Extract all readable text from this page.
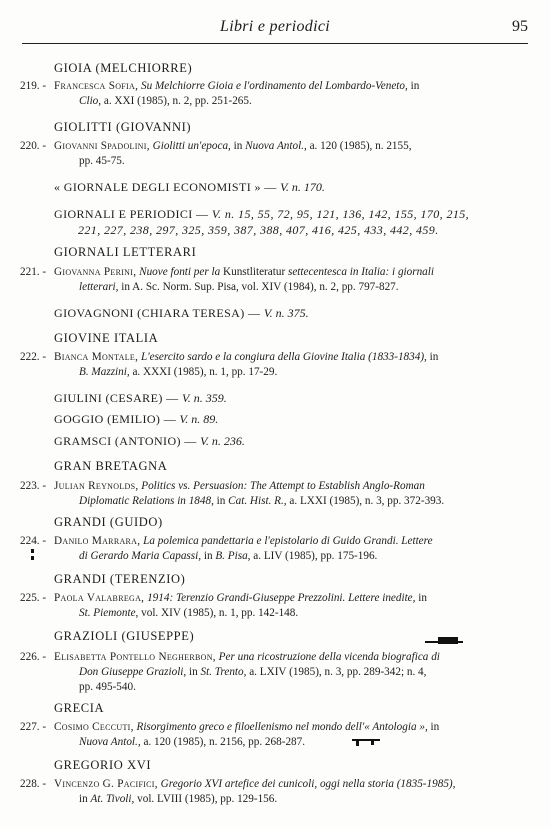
Libri e periodici	95
GIOIA (MELCHIORRE)
219. - Francesca Sofia, Su Melchiorre Gioia e l'ordinamento del Lombardo-Veneto, in
Clio, a. XXI (1985), n. 2, pp. 251-265.
GIOLITTI (GIOVANNI)
220. - Giovanni Spadolini, Giolitti un'epoca, in Nuova Antol., a. 120 (1985), n. 2155,
pp. 45-75.
« GIORNALE DEGLI ECONOMISTI » — V. n. 170.
GIORNALI E PERIODICI — V. n. 15, 55, 72, 95, 121, 136, 142, 155, 170, 215,
221, 227, 238, 297, 325, 359, 387, 388, 407, 416, 425, 433, 442, 459.
GIORNALI LETTERARI
221. - Giovanna Perini, Nuove fonti per la Kunstliteratur settecentesca in Italia: i giornali
letterari, in A. Sc. Norm. Sup. Pisa, vol. XIV (1984), n. 2, pp. 797-827.
GIOVAGNONI (CHIARA TERESA) — V. n. 375.
GIOVINE ITALIA
222. - Bianca Montale, L'esercito sardo e la congiura della Giovine Italia (1833-1834), in
B. Mazzini, a. XXXI (1985), n. 1, pp. 17-29.
GIULINI (CESARE) — V. n. 359.
GOGGIO (EMILIO) — V. n. 89.
GRAMSCI (ANTONIO) — V. n. 236.
GRAN BRETAGNA
223. - Julian Reynolds, Politics vs. Persuasion: The Attempt to Establish Anglo-Roman
Diplomatic Relations in 1848, in Cat. Hist. R., a. LXXI (1985), n. 3, pp. 372-393.
GRANDI (GUIDO)
224. - Danilo Marrara, La polemica pandettaria e l'epistolario di Guido Grandi. Lettere
di Gerardo Maria Capassi, in B. Pisa, a. LIV (1985), pp. 175-196.
GRANDI (TERENZIO)
225. - Paola Valabrega, 1914: Terenzio Grandi-Giuseppe Prezzolini. Lettere inedite, in
St. Piemonte, vol. XIV (1985), n. 1, pp. 142-148.
GRAZIOLI (GIUSEPPE)
226. - Elisabetta Pontello Negherbon, Per una ricostruzione della vicenda biografica di
Don Giuseppe Grazioli, in St. Trento, a. LXIV (1985), n. 3, pp. 289-342; n. 4,
pp. 495-540.
GRECIA
227. - Cosimo Ceccuti, Risorgimento greco e filoellenismo nel mondo dell'« Antologia », in
Nuova Antol., a. 120 (1985), n. 2156, pp. 268-287.
GREGORIO XVI
228. - Vincenzo G. Pacifici, Gregorio XVI artefice dei cunicoli, oggi nella storia (1835-1985),
in At. Tivoli, vol. LVIII (1985), pp. 129-156.
